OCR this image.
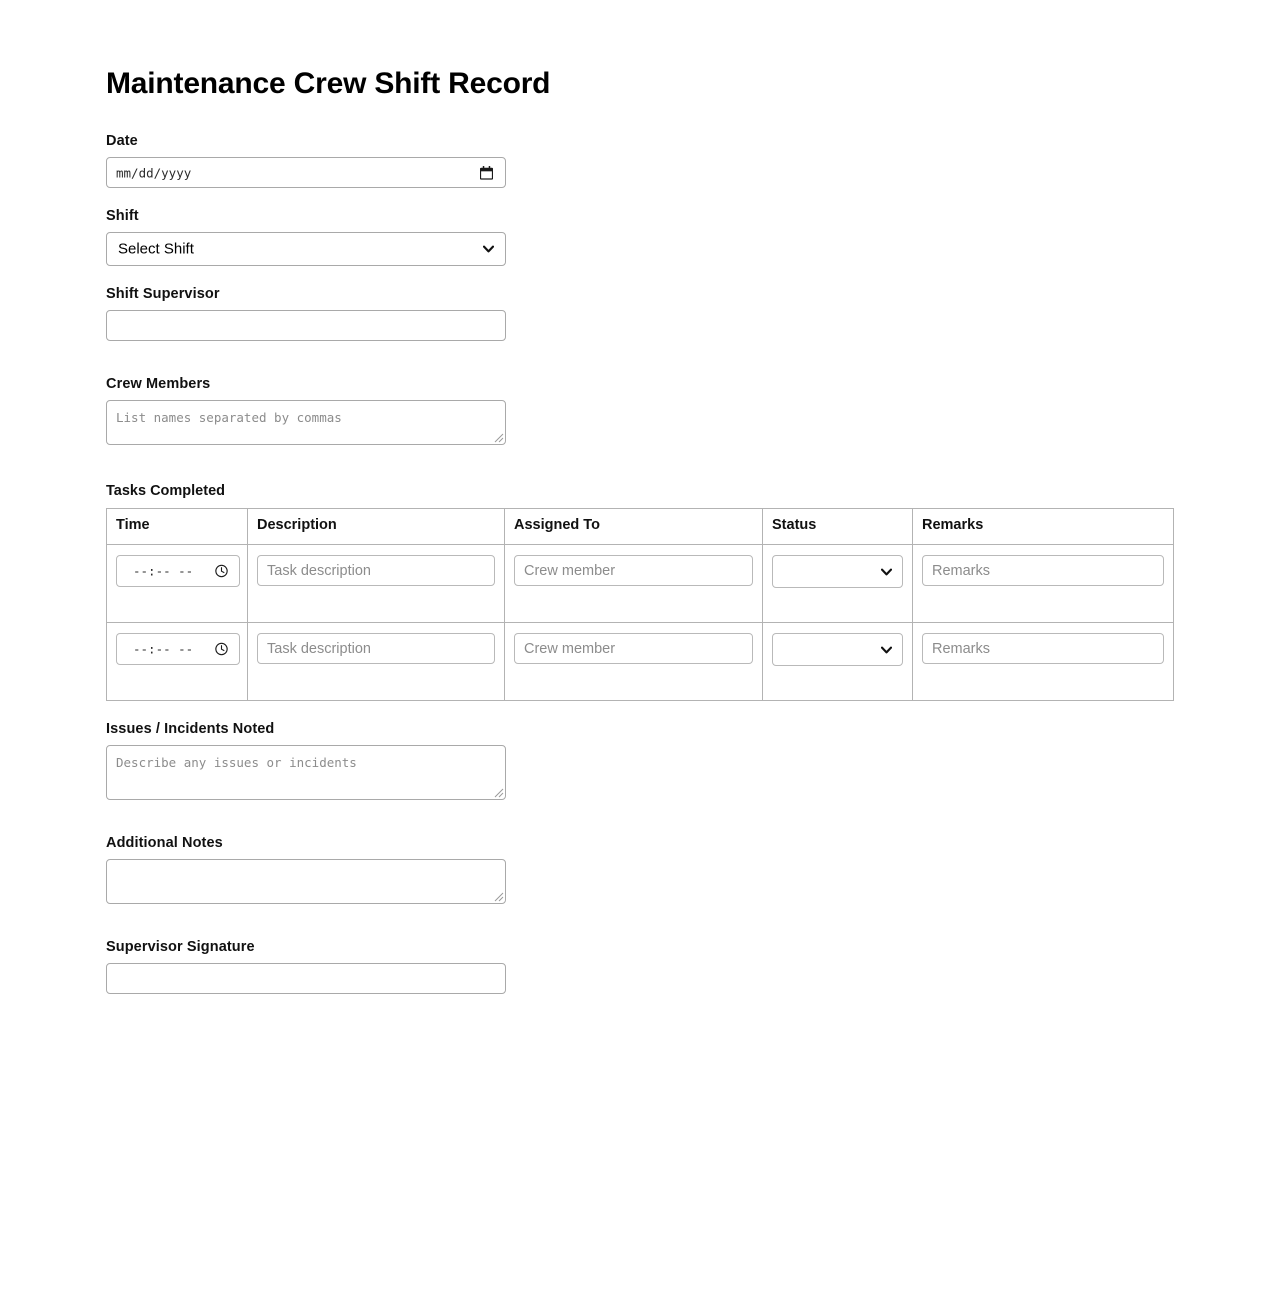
Maintenance Crew Shift Record
Date
mm/dd/yyyy
Shift
Select Shift
Shift Supervisor
Crew Members
List names separated by commas
Tasks Completed
Time	Description	Assigned To	Status	Remarks

--:-- --	Task description	Crew member		Remarks

--:-- --	Task description	Crew member		Remarks
Issues / Incidents Noted
Describe any issues or incidents
Additional Notes
Supervisor Signature
